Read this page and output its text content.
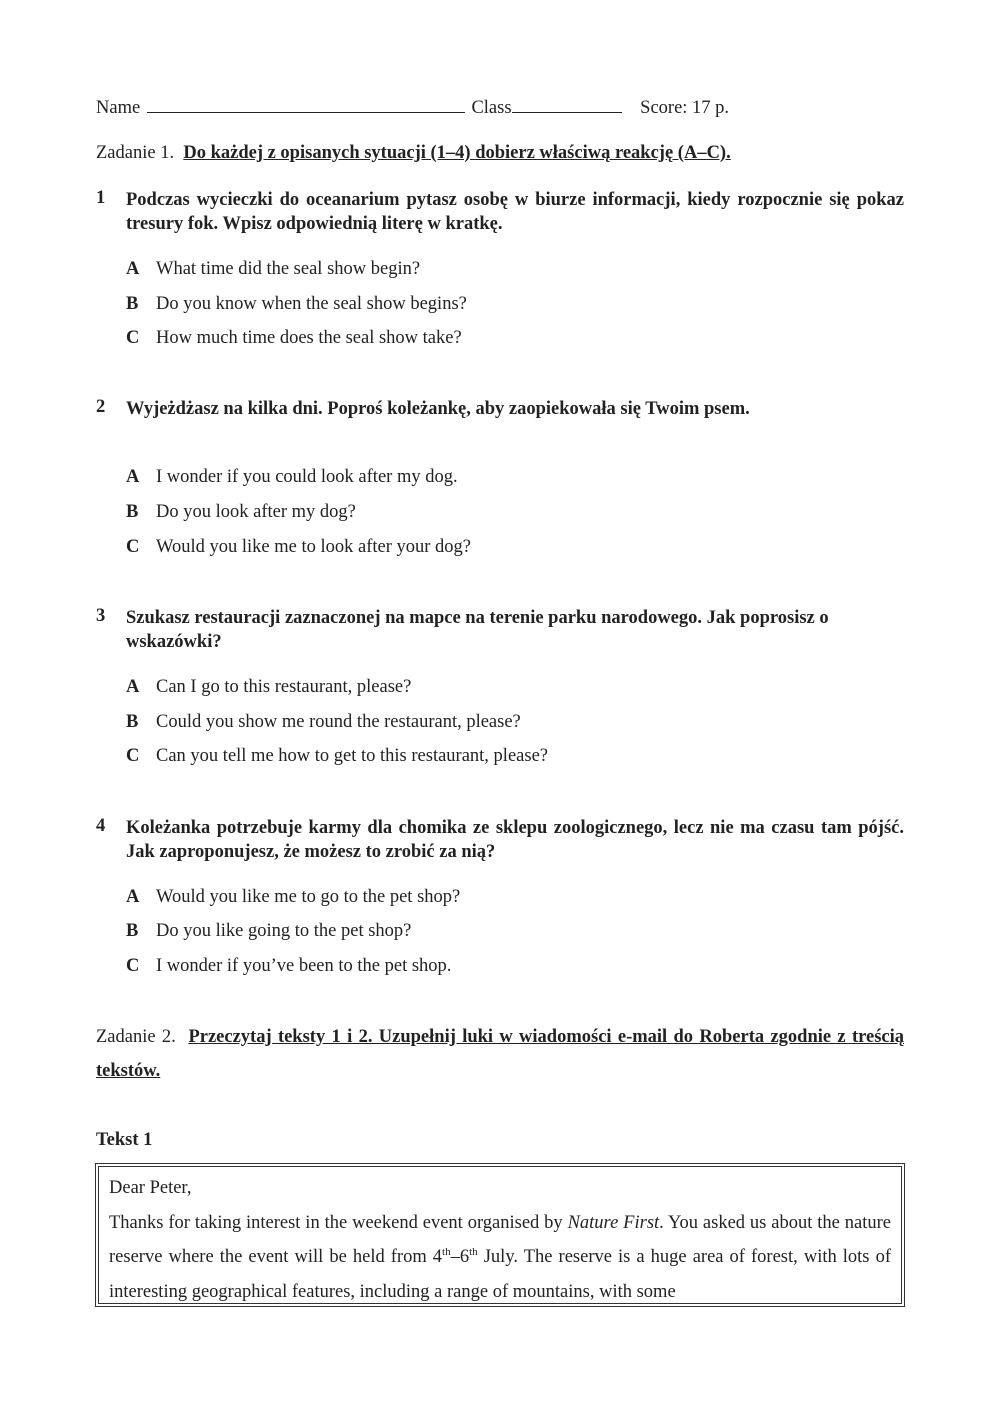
Name	Class	Score: 17 p.
Zadanie 1. Do każdej z opisanych sytuacji (1–4) dobierz właściwą reakcję (A–C).
1	Podczas wycieczki do oceanarium pytasz osobę w biurze informacji, kiedy rozpocznie się pokaz tresury fok. Wpisz odpowiednią literę w kratkę.
A What time did the seal show begin?
B Do you know when the seal show begins?
C How much time does the seal show take?
2	Wyjeżdżasz na kilka dni. Poproś koleżankę, aby zaopiekowała się Twoim psem.
A I wonder if you could look after my dog.
B Do you look after my dog?
C Would you like me to look after your dog?
3	Szukasz restauracji zaznaczonej na mapce na terenie parku narodowego. Jak poprosisz o wskazówki?
A Can I go to this restaurant, please?
B Could you show me round the restaurant, please?
C Can you tell me how to get to this restaurant, please?
4	Koleżanka potrzebuje karmy dla chomika ze sklepu zoologicznego, lecz nie ma czasu tam pójść. Jak zaproponujesz, że możesz to zrobić za nią?
A Would you like me to go to the pet shop?
B Do you like going to the pet shop?
C I wonder if you’ve been to the pet shop.
Zadanie 2. Przeczytaj teksty 1 i 2. Uzupełnij luki w wiadomości e-mail do Roberta zgodnie z treścią tekstów.
Tekst 1

Dear Peter,

Thanks for taking interest in the weekend event organised by Nature First. You asked us about the nature reserve where the event will be held from 4th–6th July. The reserve is a huge area of forest, with lots of interesting geographical features, including a range of mountains, with some
